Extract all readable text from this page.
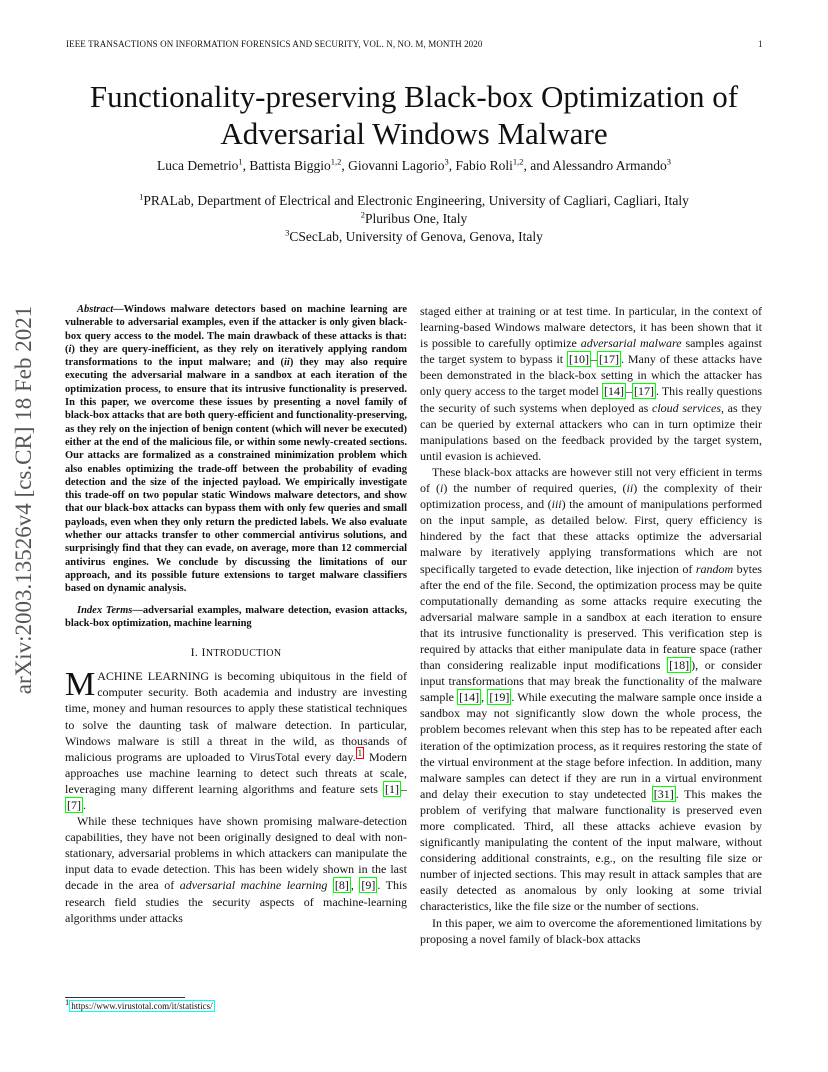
IEEE TRANSACTIONS ON INFORMATION FORENSICS AND SECURITY, VOL. N, NO. M, MONTH 2020	1
Functionality-preserving Black-box Optimization of
Adversarial Windows Malware
Luca Demetrio$^1$, Battista Biggio$^{1,2}$, Giovanni Lagorio$^3$, Fabio Roli$^{1,2}$, and Alessandro Armando$^3$
$^1$PRALab, Department of Electrical and Electronic Engineering, University of Cagliari, Cagliari, Italy
$^2$Pluribus One, Italy
$^3$CSecLab, University of Genova, Genova, Italy
arXiv:2003.13526v4 [cs.CR] 18 Feb 2021	Abstract—Windows malware detectors based on machine learning are vulnerable to adversarial examples, even if the attacker is only given black-box query access to the model. The main drawback of these attacks is that: (i) they are query-inefficient, as they rely on iteratively applying random transformations to the input malware; and (ii) they may also require executing the adversarial malware in a sandbox at each iteration of the optimization process, to ensure that its intrusive functionality is preserved. In this paper, we overcome these issues by presenting a novel family of black-box attacks that are both query-efficient and functionality-preserving, as they rely on the injection of benign content (which will never be executed) either at the end of the malicious file, or within some newly-created sections. Our attacks are formalized as a constrained minimization problem which also enables optimizing the trade-off between the probability of evading detection and the size of the injected payload. We empirically investigate this trade-off on two popular static Windows malware detectors, and show that our black-box attacks can bypass them with only few queries and small payloads, even when they only return the predicted labels. We also evaluate whether our attacks transfer to other commercial antivirus solutions, and surprisingly find that they can evade, on average, more than 12 commercial antivirus engines. We conclude by discussing the limitations of our approach, and its possible future extensions to target malware classifiers based on dynamic analysis.

Index Terms—adversarial examples, malware detection, evasion attacks, black-box optimization, machine learning

I. INTRODUCTION

MACHINE LEARNING is becoming ubiquitous in the field of computer security. Both academia and industry are investing time, money and human resources to apply these statistical techniques to solve the daunting task of malware detection. In particular, Windows malware is still a threat in the wild, as thousands of malicious programs are uploaded to VirusTotal every day. $^1$ Modern approaches use machine learning to detect such threats at scale, leveraging many different learning algorithms and feature sets [1] –[7] .

While these techniques have shown promising malware-detection capabilities, they have not been originally designed to deal with non-stationary, adversarial problems in which attackers can manipulate the input data to evade detection. This has been widely shown in the last decade in the area of adversarial machine learning [8] , [9] . This research field studies the security aspects of machine-learning algorithms under attacks

$^1$ https://www.virustotal.com/it/statistics/

staged either at training or at test time. In particular, in the context of learning-based Windows malware detectors, it has been shown that it is possible to carefully optimize adversarial malware samples against the target system to bypass it [10] – [17] . Many of these attacks have been demonstrated in the black-box setting in which the attacker has only query access to the target model [14] – [17] . This really questions the security of such systems when deployed as cloud services, as they can be queried by external attackers who can in turn optimize their manipulations based on the feedback provided by the target system, until evasion is achieved.

These black-box attacks are however still not very efficient in terms of (i) the number of required queries, (ii) the complexity of their optimization process, and (iii) the amount of manipulations performed on the input sample, as detailed below. First, query efficiency is hindered by the fact that these attacks optimize the adversarial malware by iteratively applying transformations which are not specifically targeted to evade detection, like injection of random bytes after the end of the file. Second, the optimization process may be quite computationally demanding as some attacks require executing the adversarial malware sample in a sandbox at each iteration to ensure that its intrusive functionality is preserved. This verification step is required by attacks that either manipulate data in feature space (rather than considering realizable input modifications [18] ), or consider input transformations that may break the functionality of the malware sample [14] , [19] . While executing the malware sample once inside a sandbox may not significantly slow down the whole process, the problem becomes relevant when this step has to be repeated after each iteration of the optimization process, as it requires restoring the state of the virtual environment at the stage before infection. In addition, many malware samples can detect if they are run in a virtual environment and delay their execution to stay undetected [31] . This makes the problem of verifying that malware functionality is preserved even more complicated. Third, all these attacks achieve evasion by significantly manipulating the content of the input malware, without considering additional constraints, e.g., on the resulting file size or number of injected sections. This may result in attack samples that are easily detected as anomalous by only looking at some trivial characteristics, like the file size or the number of sections.

In this paper, we aim to overcome the aforementioned limitations by proposing a novel family of black-box attacks
